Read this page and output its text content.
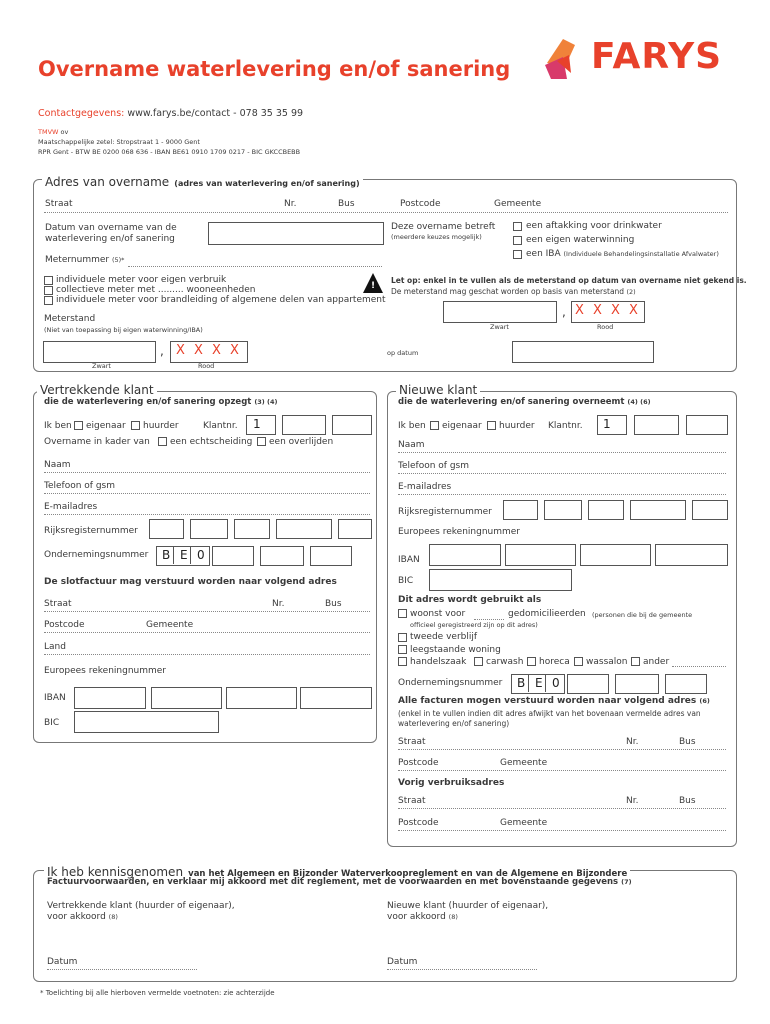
Overname waterlevering en/of sanering FARYS
Contactgegevens: www.farys.be/contact - 078 35 35 99
TMVW ov
Maatschappelijke zetel: Stropstraat 1 - 9000 Gent
RPR Gent - BTW BE 0200 068 636 - IBAN BE61 0910 1709 0217 - BIC GKCCBEBB
Adres van overname (adres van waterlevering en/of sanering)
Straat	Nr.	Bus	Postcode	Gemeente
Datum van overname van de
waterlevering en/of sanering
Meternummer (5)*
Deze overname betreft
(meerdere keuzes mogelijk)
een aftakking voor drinkwater
een eigen waterwinning
een IBA (Individuele Behandelingsinstallatie Afvalwater)
individuele meter voor eigen verbruik
collectieve meter met ......... wooneenheden
individuele meter voor brandleiding of algemene delen van appartement
!
Let op: enkel in te vullen als de meterstand op datum van overname niet gekend is.
De meterstand mag geschat worden op basis van meterstand (2)
, X X X X
Zwart	Rood
Meterstand
(Niet van toepassing bij eigen waterwinning/IBA)
, X X X X
Zwart	Rood
op datum
Vertrekkende klant
die de waterlevering en/of sanering opzegt (3) (4)
Ik ben eigenaar huurder	Klantnr. 1
Overname in kader van een echtscheiding een overlijden
Naam
Telefoon of gsm
E-mailadres
Rijksregisternummer
Ondernemingsnummer B E 0
De slotfactuur mag verstuurd worden naar volgend adres
Straat	Nr.	Bus
Postcode	Gemeente
Land
Europees rekeningnummer
IBAN
BIC
Nieuwe klant
die de waterlevering en/of sanering overneemt (4) (6)
Ik ben eigenaar huurder Klantnr. 1
Naam
Telefoon of gsm
E-mailadres
Rijksregisternummer
Europees rekeningnummer
IBAN
BIC
Dit adres wordt gebruikt als
woonst voor	gedomicilieerden (personen die bij de gemeente
officieel geregistreerd zijn op dit adres)
tweede verblijf
leegstaande woning
handelszaak carwash horeca wassalon ander
Ondernemingsnummer B E 0
Alle facturen mogen verstuurd worden naar volgend adres (6)
(enkel in te vullen indien dit adres afwijkt van het bovenaan vermelde adres van
waterlevering en/of sanering)
Straat	Nr.	Bus
Postcode	Gemeente
Vorig verbruiksadres
Straat	Nr.	Bus
Postcode	Gemeente
Ik heb kennisgenomen van het Algemeen en Bijzonder Waterverkoopreglement en van de Algemene en Bijzondere
Factuurvoorwaarden, en verklaar mij akkoord met dit reglement, met de voorwaarden en met bovenstaande gegevens (7)
Vertrekkende klant (huurder of eigenaar),
voor akkoord (8)
Nieuwe klant (huurder of eigenaar),
voor akkoord (8)
Datum	Datum
* Toelichting bij alle hierboven vermelde voetnoten: zie achterzijde
